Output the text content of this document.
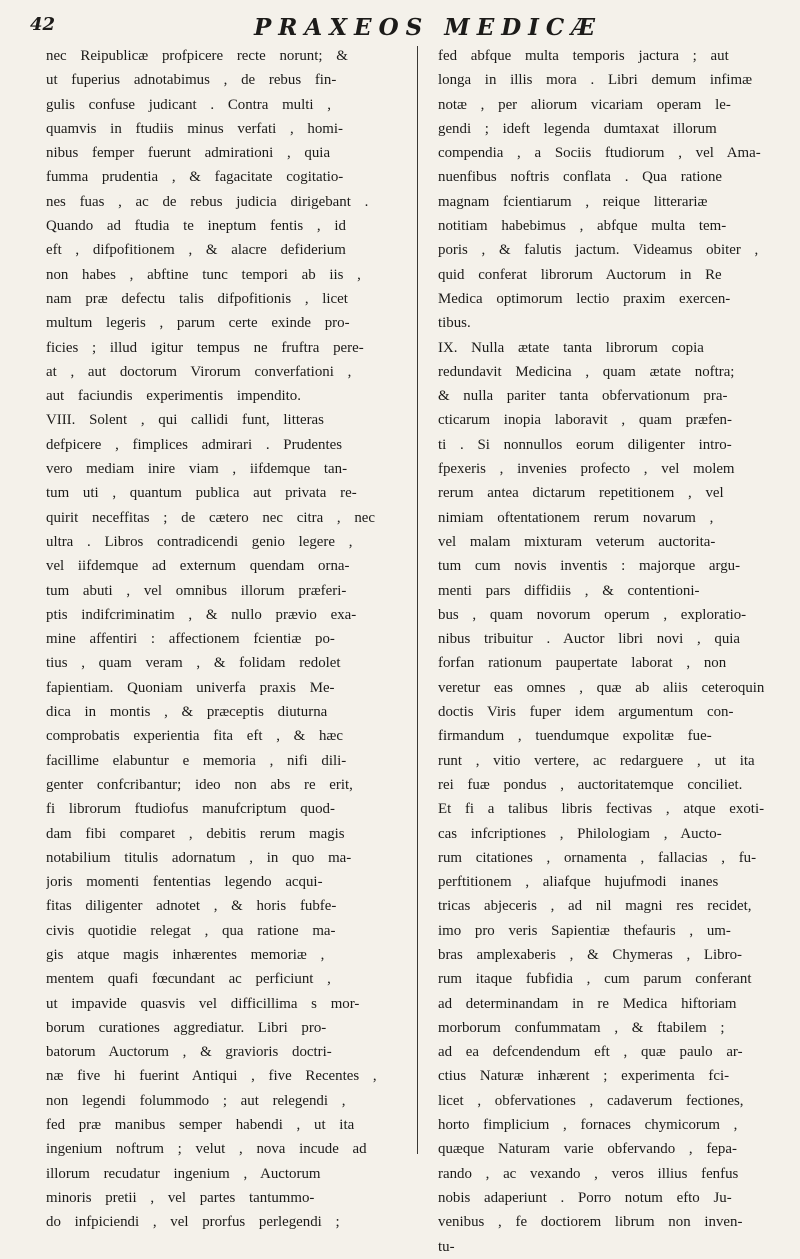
42	PRAXEOS MEDICÆ
nec Reipublicæ profpicere recte norunt; &
ut fuperius adnotabimus , de rebus fin-
gulis confuse judicant . Contra multi ,
quamvis in ftudiis minus verfati , homi-
nibus femper fuerunt admirationi , quia
fumma prudentia , & fagacitate cogitatio-
nes fuas , ac de rebus judicia dirigebant .
Quando ad ftudia te ineptum fentis , id
eft , difpofitionem , & alacre defiderium
non habes , abftine tunc tempori ab iis ,
nam præ defectu talis difpofitionis , licet
multum legeris , parum certe exinde pro-
ficies ; illud igitur tempus ne fruftra pere-
at , aut doctorum Virorum converfationi ,
aut faciundis experimentis impendito.
VIII. Solent , qui callidi funt, litteras
defpicere , fimplices admirari . Prudentes
vero mediam inire viam , iifdemque tan-
tum uti , quantum publica aut privata re-
quirit neceffitas ; de cætero nec citra , nec
ultra . Libros contradicendi genio legere ,
vel iifdemque ad externum quendam orna-
tum abuti , vel omnibus illorum præferi-
ptis indifcriminatim , & nullo prævio exa-
mine affentiri : affectionem fcientiæ po-
tius , quam veram , & folidam redolet
fapientiam. Quoniam univerfa praxis Me-
dica in montis , & præceptis diuturna
comprobatis experientia fita eft , & hæc
facillime elabuntur e memoria , nifi dili-
genter confcribantur; ideo non abs re erit,
fi librorum ftudiofus manufcriptum quod-
dam fibi comparet , debitis rerum magis
notabilium titulis adornatum , in quo ma-
joris momenti fententias legendo acqui-
fitas diligenter adnotet , & horis fubfe-
civis quotidie relegat , qua ratione ma-
gis atque magis inhærentes memoriæ ,
mentem quafi fœcundant ac perficiunt ,
ut impavide quasvis vel difficillima s mor-
borum curationes aggrediatur. Libri pro-
batorum Auctorum , & gravioris doctri-
næ five hi fuerint Antiqui , five Recentes ,
non legendi folummodo ; aut relegendi ,
fed præ manibus semper habendi , ut ita
ingenium noftrum ; velut , nova incude ad
illorum recudatur ingenium , Auctorum
minoris pretii , vel partes tantummo-
do infpiciendi , vel prorfus perlegendi ;
fed abfque multa temporis jactura ; aut
longa in illis mora . Libri demum infimæ
notæ , per aliorum vicariam operam le-
gendi ; ideft legenda dumtaxat illorum
compendia , a Sociis ftudiorum , vel Ama-
nuenfibus noftris conflata . Qua ratione
magnam fcientiarum , reique litterariæ
notitiam habebimus , abfque multa tem-
poris , & falutis jactum. Videamus obiter ,
quid conferat librorum Auctorum in Re
Medica optimorum lectio praxim exercen-
tibus.
IX. Nulla ætate tanta librorum copia
redundavit Medicina , quam ætate noftra;
& nulla pariter tanta obfervationum pra-
cticarum inopia laboravit , quam præfen-
ti . Si nonnullos eorum diligenter intro-
fpexeris , invenies profecto , vel molem
rerum antea dictarum repetitionem , vel
nimiam oftentationem rerum novarum ,
vel malam mixturam veterum auctorita-
tum cum novis inventis : majorque argu-
menti pars diffidiis , & contentioni-
bus , quam novorum operum , exploratio-
nibus tribuitur . Auctor libri novi , quia
forfan rationum paupertate laborat , non
veretur eas omnes , quæ ab aliis ceteroquin
doctis Viris fuper idem argumentum con-
firmandum , tuendumque expolitæ fue-
runt , vitio vertere, ac redarguere , ut ita
rei fuæ pondus , auctoritatemque conciliet.
Et fi a talibus libris fectivas , atque exoti-
cas infcriptiones , Philologiam , Aucto-
rum citationes , ornamenta , fallacias , fu-
perftitionem , aliafque hujufmodi inanes
tricas abjeceris , ad nil magni res recidet,
imo pro veris Sapientiæ thefauris , um-
bras amplexaberis , & Chymeras , Libro-
rum itaque fubfidia , cum parum conferant
ad determinandam in re Medica hiftoriam
morborum confummatam , & ftabilem ;
ad ea defcendendum eft , quæ paulo ar-
ctius Naturæ inhærent ; experimenta fci-
licet , obfervationes , cadaverum fectiones,
horto fimplicium , fornaces chymicorum ,
quæque Naturam varie obfervando , fepa-
rando , ac vexando , veros illius fenfus
nobis adaperiunt . Porro notum efto Ju-
venibus , fe doctiorem librum non inven-
tu-
